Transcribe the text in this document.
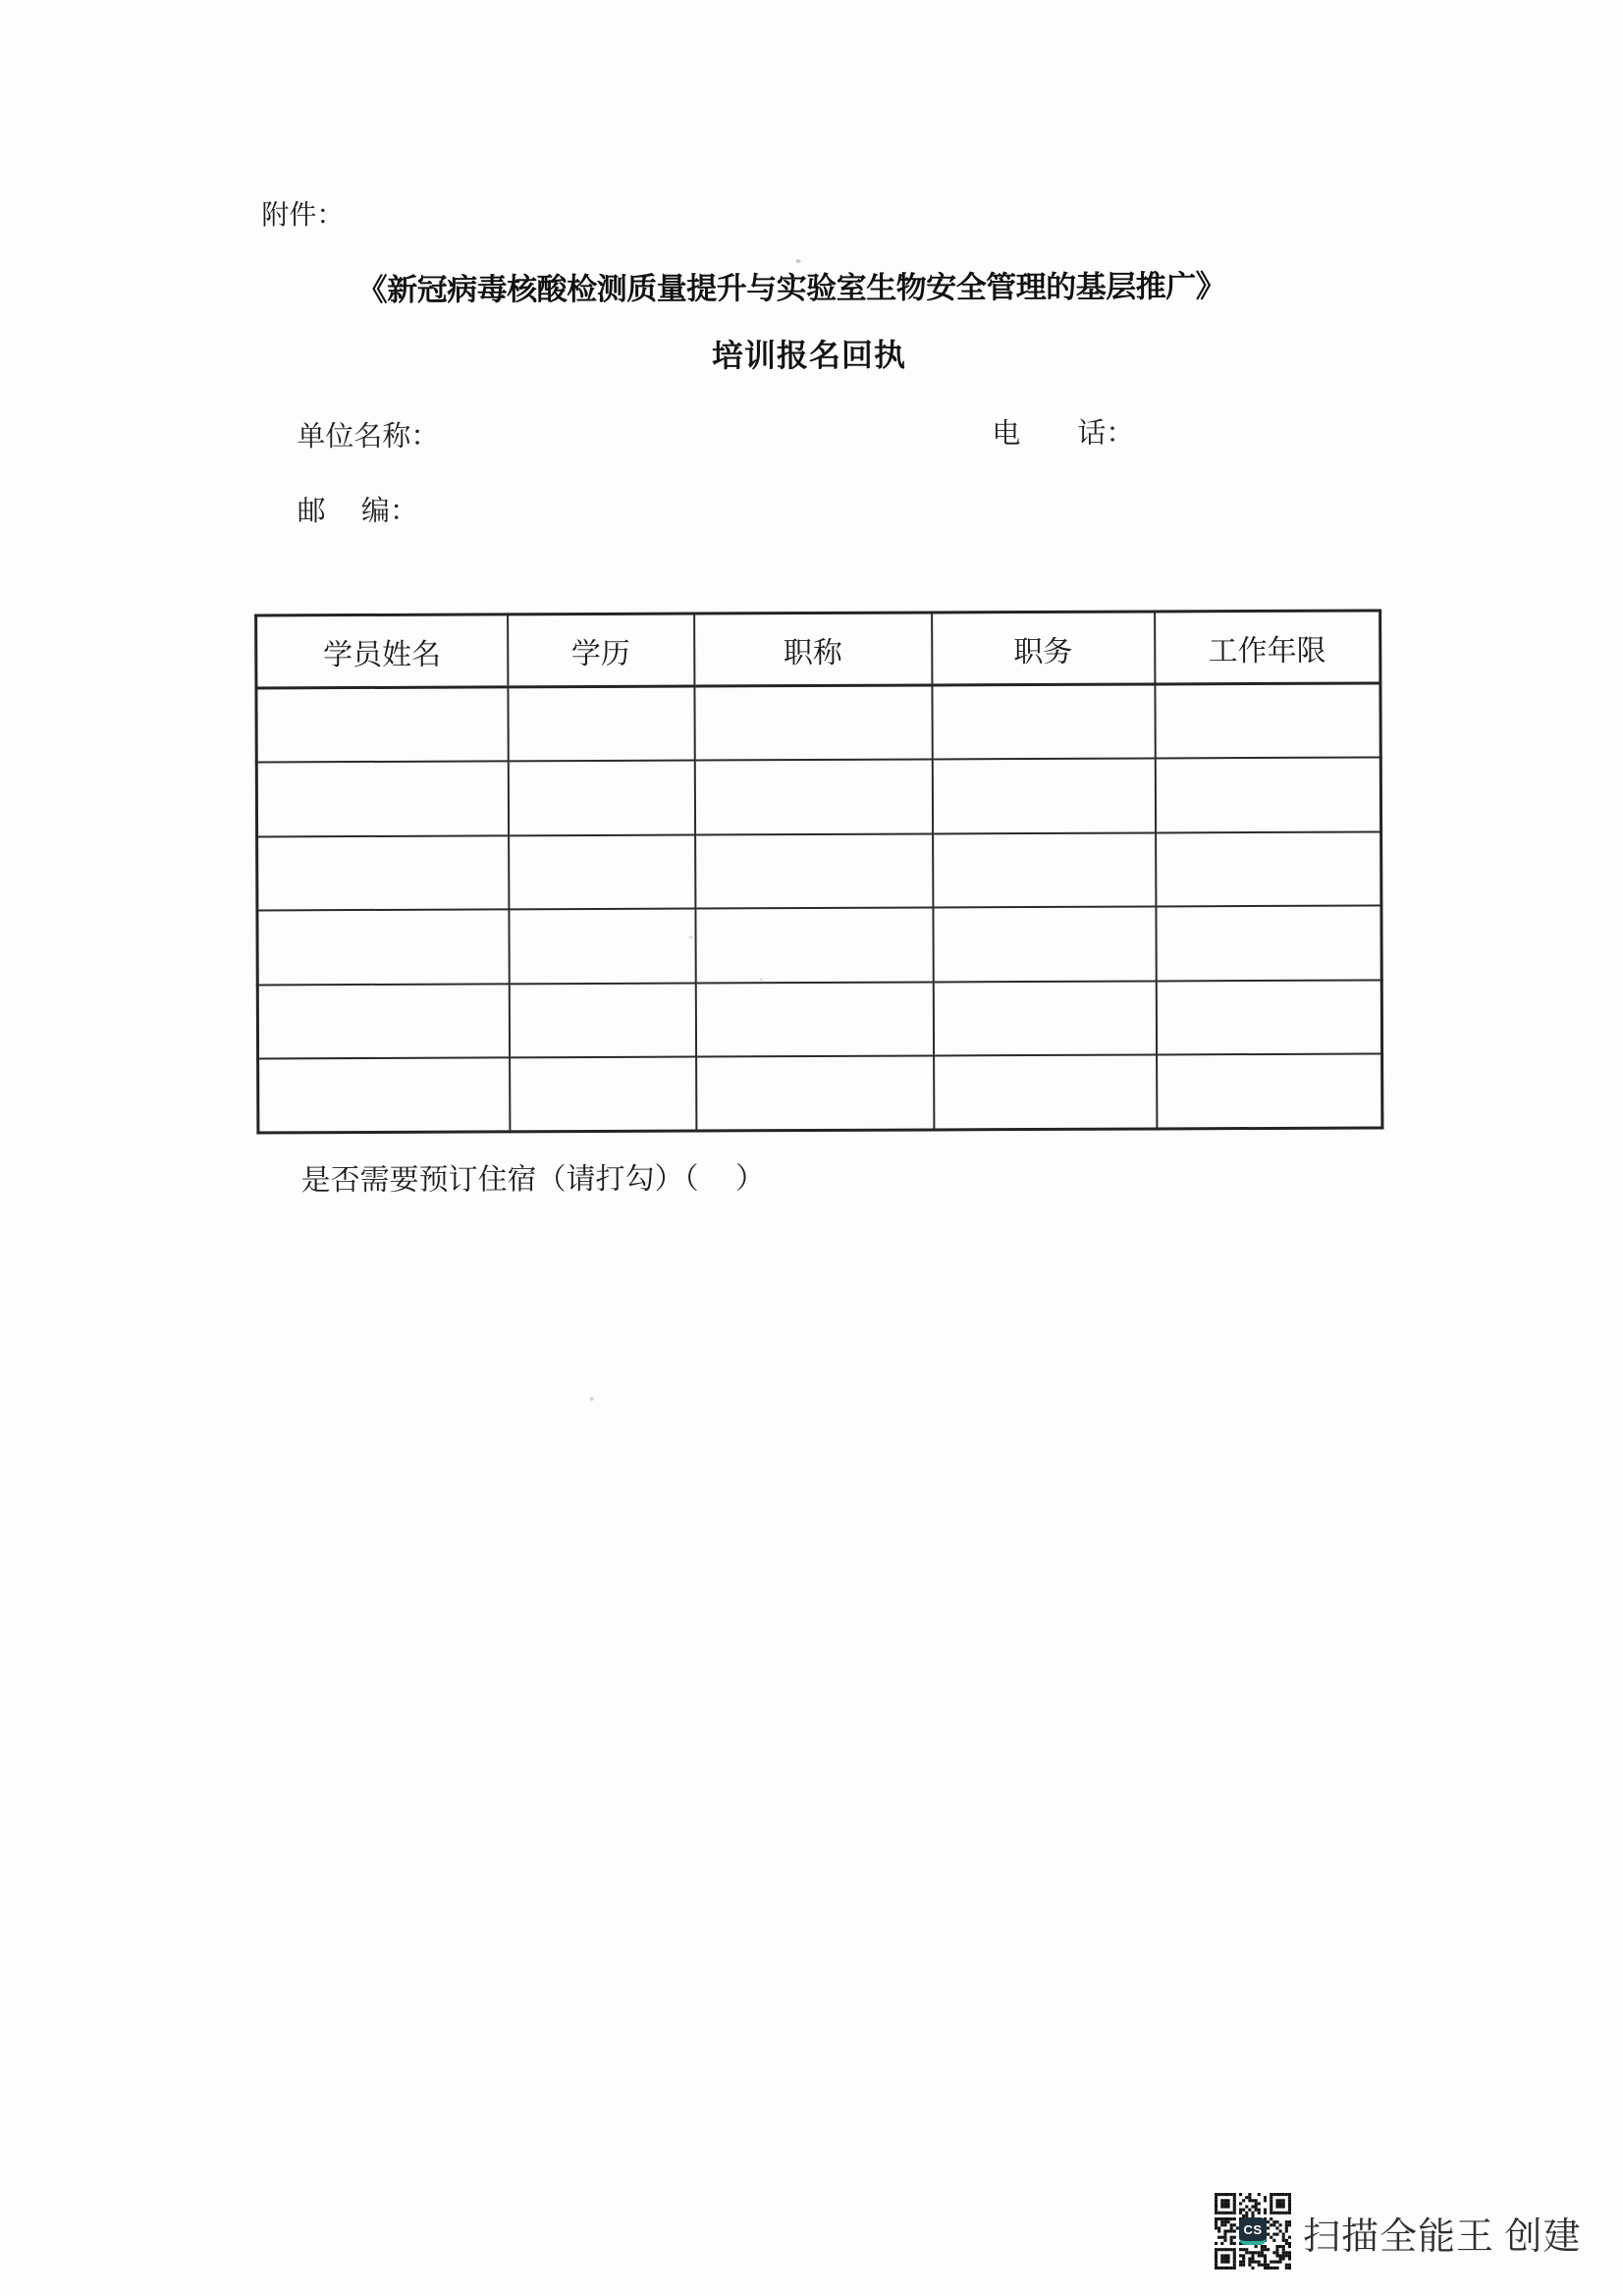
附件：
《新冠病毒核酸检测质量提升与实验室生物安全管理的基层推广》
培训报名回执
单位名称：	电　　话：
邮　 编：
学员姓名	学历	职称	职务	工作年限

是否需要预订住宿（请打勾）（　 ）
CS 扫描全能王 创建
